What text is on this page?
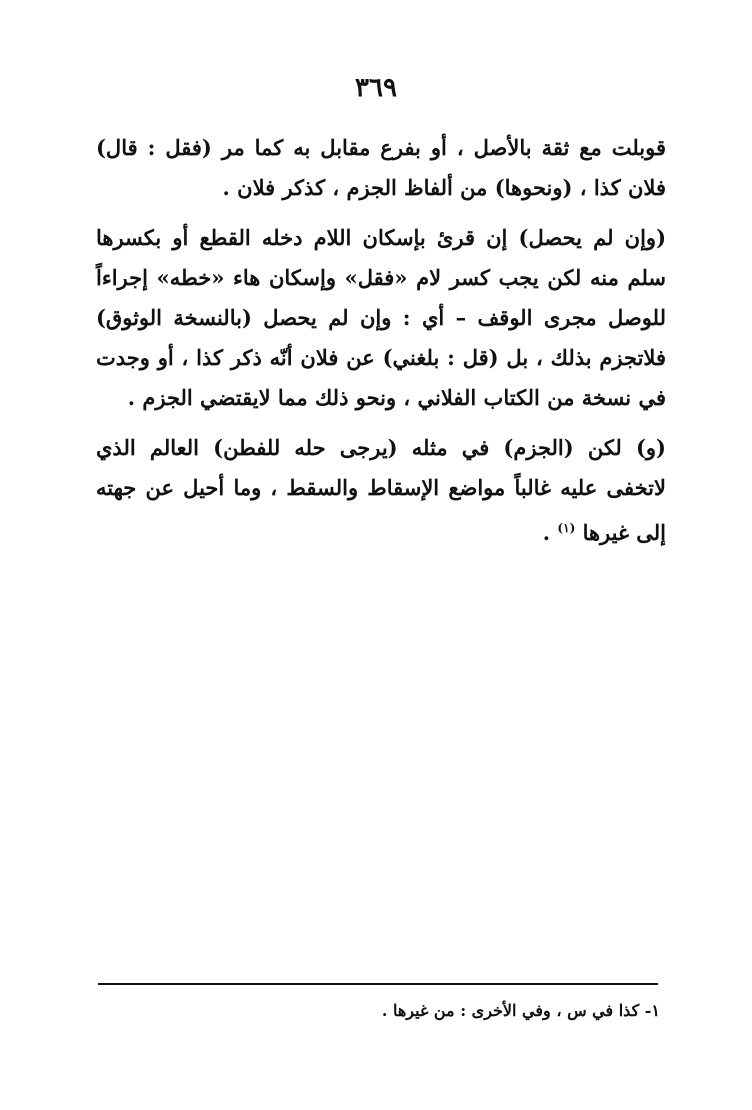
٣٦٩

قوبلت مع ثقة بالأصل ، أو بفرع مقابل به كما مر (فقل : قال) فلان كذا ، (ونحوها) من ألفاظ الجزم ، كذكر فلان .

(وإن لم يحصل) إن قرئ بإسكان اللام دخله القطع أو بكسرها سلم منه لكن يجب كسر لام «فقل» وإسكان هاء «خطه» إجراءاً للوصل مجرى الوقف – أي : وإن لم يحصل (بالنسخة الوثوق) فلاتجزم بذلك ، بل (قل : بلغني) عن فلان أنّه ذكر كذا ، أو وجدت في نسخة من الكتاب الفلاني ، ونحو ذلك مما لايقتضي الجزم .

(و) لكن (الجزم) في مثله (يرجى حله للفطن) العالم الذي لاتخفى عليه غالباً مواضع الإسقاط والسقط ، وما أحيل عن جهته إلى غيرها $^{(١)}$ .

١- كذا في س ، وفي الأخرى : من غيرها .
